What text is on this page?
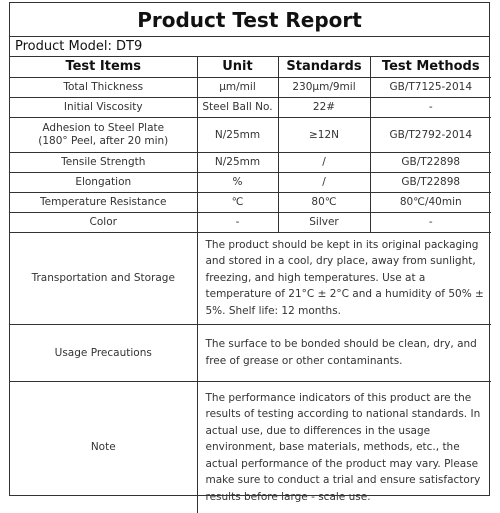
Product Test Report
Product Model: DT9
Test Items	Unit	Standards	Test Methods
Total Thickness	μm/mil	230μm/9mil	GB/T7125-2014
Initial Viscosity	Steel Ball No.	22#	-

Adhesion to Steel Plate
(180° Peel, after 20 min)	N/25mm	≥12N	GB/T2792-2014
Tensile Strength	N/25mm	/	GB/T22898
Elongation	%	/	GB/T22898
Temperature Resistance	℃	80℃	80℃/40min
Color	-	Silver	-
Transportation and Storage	The product should be kept in its original packaging and stored in a cool, dry place, away from sunlight, freezing, and high temperatures. Use at a temperature of 21°C ± 2°C and a humidity of 50% ± 5%. Shelf life: 12 months.		
Usage Precautions	The surface to be bonded should be clean, dry, and free of grease or other contaminants.		
Note	The performance indicators of this product are the results of testing according to national standards. In actual use, due to differences in the usage environment, base materials, methods, etc., the actual performance of the product may vary. Please make sure to conduct a trial and ensure satisfactory results before large - scale use.		
